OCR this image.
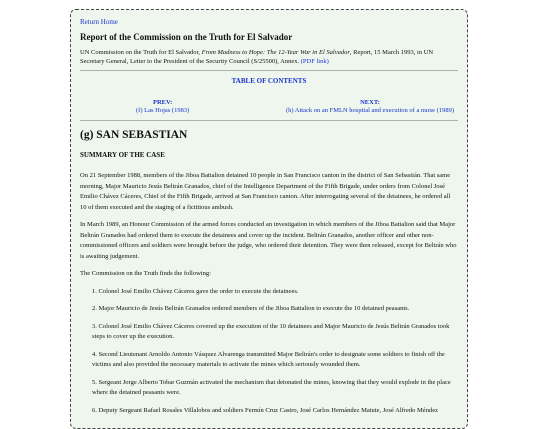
Return Home
Report of the Commission on the Truth for El Salvador
UN Commission on the Truth for El Salvador, From Madness to Hope: The 12-Year War in El Salvador, Report, 15 March 1993, in UN Secretary General, Letter to the President of the Security Council (S/25500), Annex. (PDF link)
TABLE OF CONTENTS
PREV:
(f) Las Hojas (1983)
NEXT:
(h) Attack on an FMLN hospital and execution of a nurse (1989)
(g) SAN SEBASTIAN
SUMMARY OF THE CASE

On 21 September 1988, members of the Jiboa Battalion detained 10 people in San Francisco canton in the district of San Sebastián. That same morning, Major Mauricio Jesús Beltrán Granados, chief of the Intelligence Department of the Fifth Brigade, under orders from Colonel José Emilio Chávez Cáceres, Chief of the Fifth Brigade, arrived at San Francisco canton. After interrogating several of the detainees, he ordered all 10 of them executed and the staging of a fictitious ambush.

In March 1989, an Honour Commission of the armed forces conducted an investigation in which members of the Jiboa Battalion said that Major Beltrán Granados had ordered them to execute the detainees and cover up the incident. Beltrán Granados, another officer and other non-commissioned officers and soldiers were brought before the judge, who ordered their detention. They were then released, except for Beltrán who is awaiting judgement.

The Commission on the Truth finds the following:

1. Colonel José Emilio Chávez Cáceres gave the order to execute the detainees.
2. Major Mauricio de Jesús Beltrán Granados ordered members of the Jiboa Battalion to execute the 10 detained peasants.
3. Colonel José Emilio Chávez Cáceres covered up the execution of the 10 detainees and Major Mauricio de Jesús Beltrán Granados took steps to cover up the execution.
4. Second Lieutenant Arnoldo Antonio Vásquez Alvarenga transmitted Major Beltrán's order to designate some soldiers to finish off the victims and also provided the necessary materials to activate the mines which seriously wounded them.
5. Sergeant Jorge Alberto Tobar Guzmán activated the mechanism that detonated the mines, knowing that they would explode in the place where the detained peasants were.
6. Deputy Sergeant Rafael Rosales Villalobos and soldiers Fermín Cruz Castro, José Carlos Hernández Matute, José Alfredo Méndez
